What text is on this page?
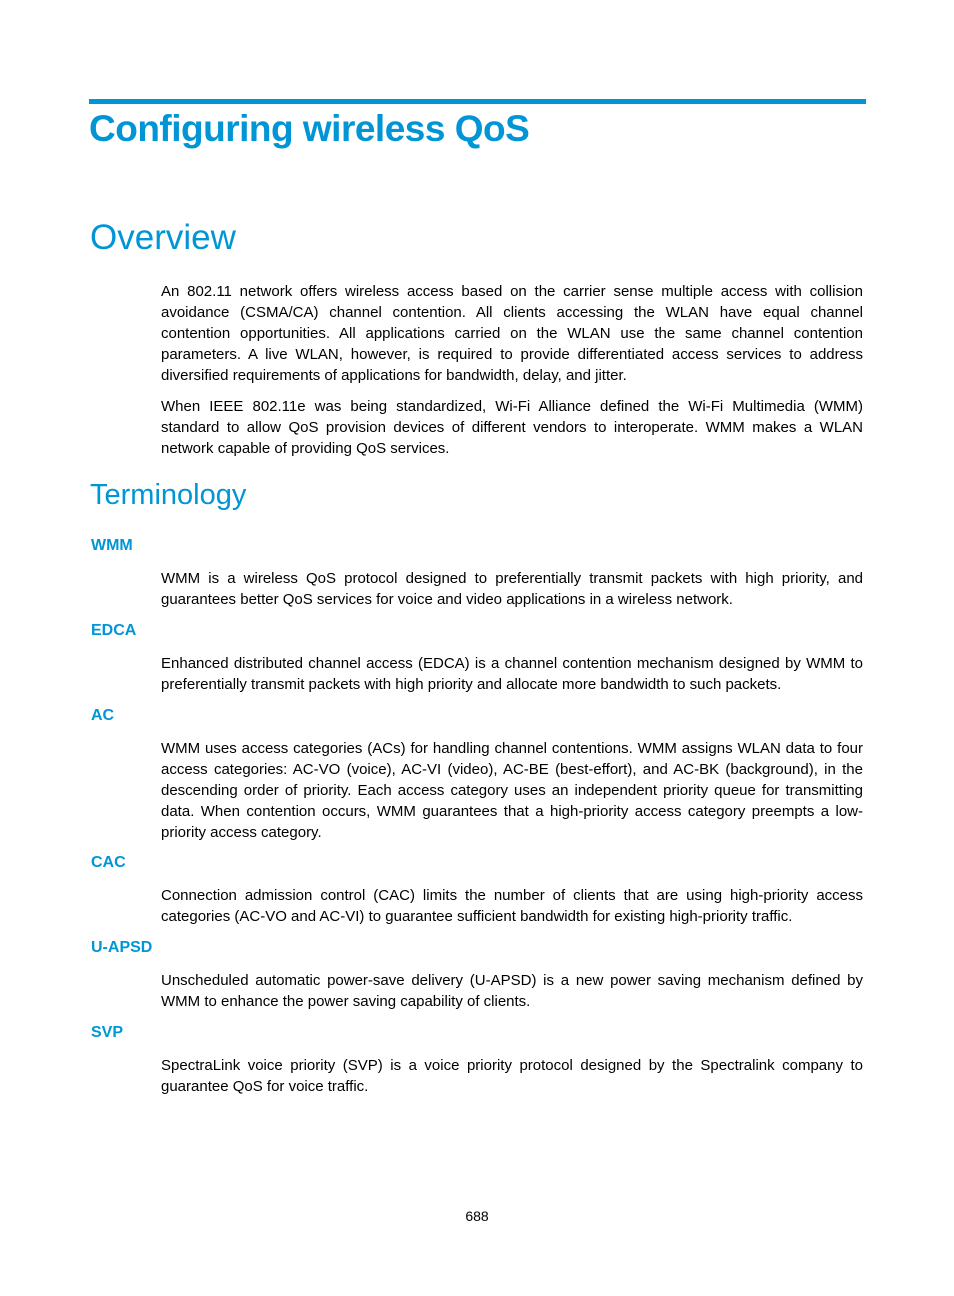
Configuring wireless QoS
Overview

An 802.11 network offers wireless access based on the carrier sense multiple access with collision avoidance (CSMA/CA) channel contention. All clients accessing the WLAN have equal channel contention opportunities. All applications carried on the WLAN use the same channel contention parameters. A live WLAN, however, is required to provide differentiated access services to address diversified requirements of applications for bandwidth, delay, and jitter.

When IEEE 802.11e was being standardized, Wi-Fi Alliance defined the Wi-Fi Multimedia (WMM) standard to allow QoS provision devices of different vendors to interoperate. WMM makes a WLAN network capable of providing QoS services.

Terminology
WMM

WMM is a wireless QoS protocol designed to preferentially transmit packets with high priority, and guarantees better QoS services for voice and video applications in a wireless network.

EDCA

Enhanced distributed channel access (EDCA) is a channel contention mechanism designed by WMM to preferentially transmit packets with high priority and allocate more bandwidth to such packets.

AC

WMM uses access categories (ACs) for handling channel contentions. WMM assigns WLAN data to four access categories: AC-VO (voice), AC-VI (video), AC-BE (best-effort), and AC-BK (background), in the descending order of priority. Each access category uses an independent priority queue for transmitting data. When contention occurs, WMM guarantees that a high-priority access category preempts a low-priority access category.

CAC

Connection admission control (CAC) limits the number of clients that are using high-priority access categories (AC-VO and AC-VI) to guarantee sufficient bandwidth for existing high-priority traffic.

U-APSD

Unscheduled automatic power-save delivery (U-APSD) is a new power saving mechanism defined by WMM to enhance the power saving capability of clients.

SVP

SpectraLink voice priority (SVP) is a voice priority protocol designed by the Spectralink company to guarantee QoS for voice traffic.

688
